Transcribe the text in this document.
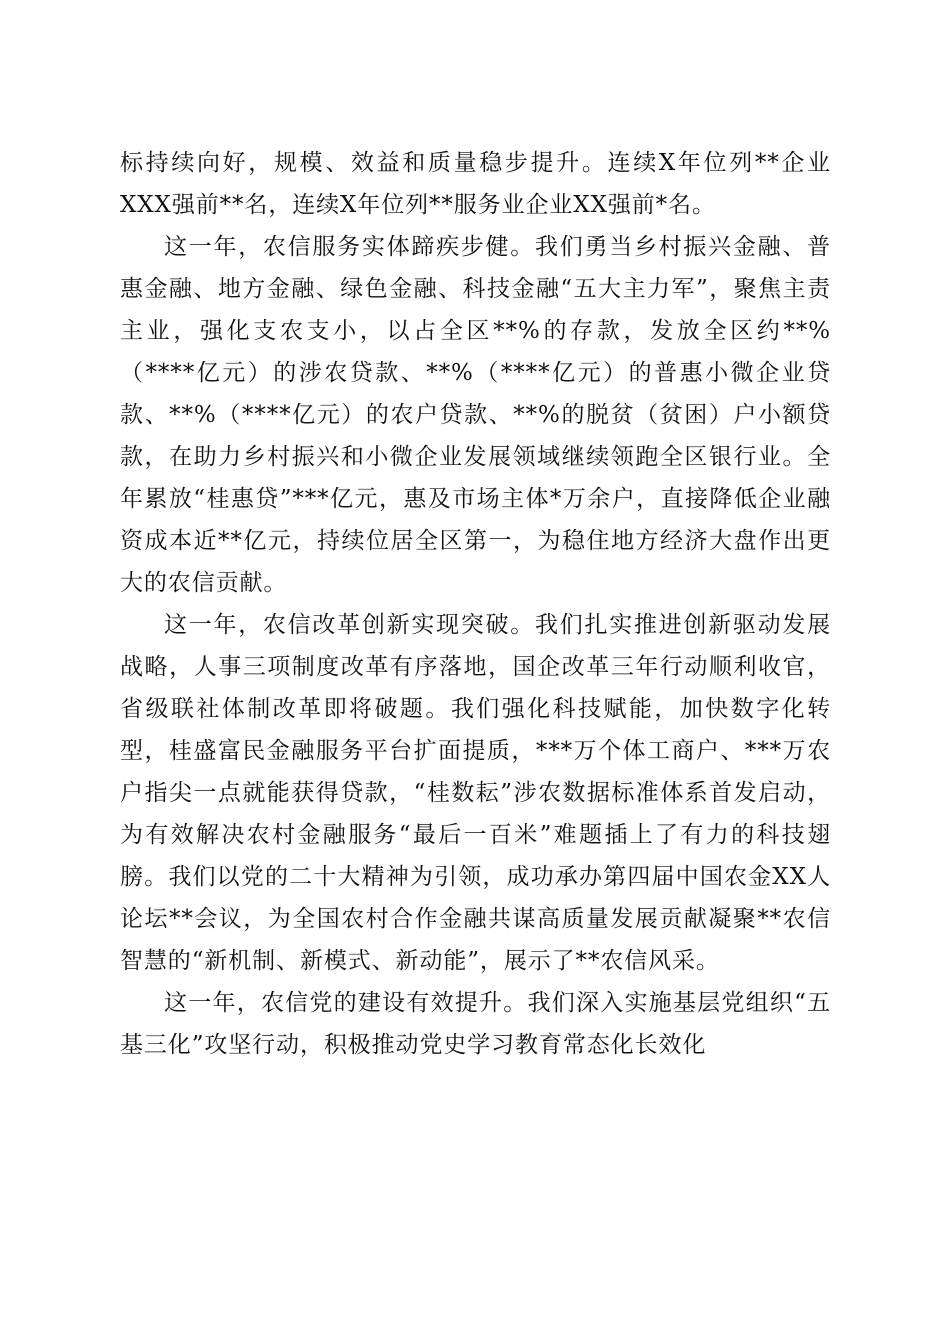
标持续向好，规模、效益和质量稳步提升。连续X年位列**企业XXX强前**名，连续X年位列**服务业企业XX强前*名。

这一年，农信服务实体蹄疾步健。我们勇当乡村振兴金融、普惠金融、地方金融、绿色金融、科技金融“五大主力军”，聚焦主责主业，强化支农支小，以占全区**%的存款，发放全区约**%（****亿元）的涉农贷款、**%（****亿元）的普惠小微企业贷款、**%（****亿元）的农户贷款、**%的脱贫（贫困）户小额贷款，在助力乡村振兴和小微企业发展领域继续领跑全区银行业。全年累放“桂惠贷”***亿元，惠及市场主体*万余户，直接降低企业融资成本近**亿元，持续位居全区第一，为稳住地方经济大盘作出更大的农信贡献。

这一年，农信改革创新实现突破。我们扎实推进创新驱动发展战略，人事三项制度改革有序落地，国企改革三年行动顺利收官，省级联社体制改革即将破题。我们强化科技赋能，加快数字化转型，桂盛富民金融服务平台扩面提质，***万个体工商户、***万农户指尖一点就能获得贷款，“桂数耘”涉农数据标准体系首发启动，为有效解决农村金融服务“最后一百米”难题插上了有力的科技翅膀。我们以党的二十大精神为引领，成功承办第四届中国农金XX人论坛**会议，为全国农村合作金融共谋高质量发展贡献凝聚**农信智慧的“新机制、新模式、新动能”，展示了**农信风采。

这一年，农信党的建设有效提升。我们深入实施基层党组织“五基三化”攻坚行动，积极推动党史学习教育常态化长效化
